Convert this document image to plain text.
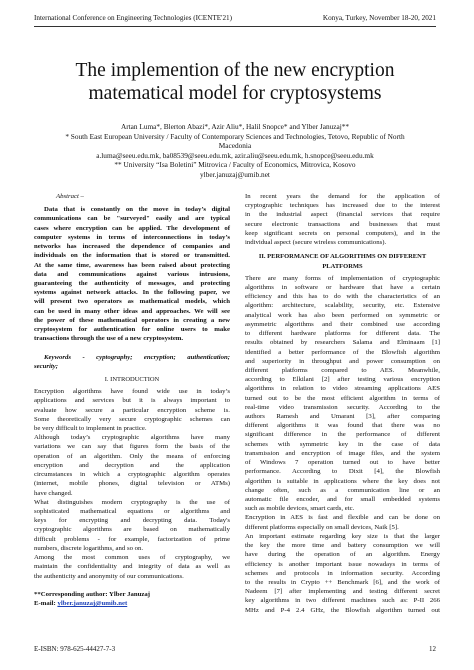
International Conference on Engineering Technologies (ICENTE'21)	Konya, Turkey, November 18-20, 2021
The implemention of the new encryption
matematical model for cryptosystems
Artan Luma*, Blerton Abazi*, Azir Aliu*, Halil Snopce* and Ylber Januzaj**
* South East European University / Faculty of Contemporary Sciences and Technologies, Tetovo, Republic of North
Macedonia
a.luma@seeu.edu.mk, ba08539@seeu.edu.mk, azir.aliu@seeu.edu.mk, h.snopce@seeu.edu.mk
** University “Isa Boletini” Mitrovica / Faculty of Economics, Mitrovica, Kosovo
ylber.januzaj@umib.net
Abstract –
Data that is constantly on the move in today’s digital
communications can be "surveyed" easily and are typical
cases where encryption can be applied. The development of
computer systems in terms of interconnections in today’s
networks has increased the dependence of companies and
individuals on the information that is stored or transmitted.
At the same time, awareness has been raised about protecting
data and communications against various intrusions,
guaranteeing the authenticity of messages, and protecting
systems against network attacks. In the following paper, we
will present two operators as mathematical models, which
can be used in many other ideas and approaches. We will see
the power of these mathematical operators in creating a new
cryptosystem for authentication for online users to make
transactions through the use of a new cryptosystem.
Keywords - cyptography; encryption; authentication;
security;
I. INTRODUCTION
Encryption algorithms have found wide use in today’s
applications and services but it is always important to
evaluate how secure a particular encryption scheme is.
Some theoretically very secure cryptographic schemes can
be very difficult to implement in practice.
Although today’s cryptographic algorithms have many
variations we can say that figures form the basis of the
operation of an algorithm. Only the means of enforcing
encryption and decryption and the application
circumstances in which a cryptographic algorithm operates
(internet, mobile phones, digital television or ATMs)
have changed.
What distinguishes modern cryptography is the use of
sophisticated mathematical equations or algorithms and
keys for encrypting and decrypting data. Today's
cryptographic algorithms are based on mathematically
difficult problems - for example, factorization of prime
numbers, discrete logarithms, and so on.
Among the most common uses of cryptography, we
maintain the confidentiality and integrity of data as well as
the authenticity and anonymity of our communications.
**Corresponding author: Ylber Januzaj
E-mail: ylber.januzaj@umib.net
In recent years the demand for the application of
cryptographic techniques has increased due to the interest
in the industrial aspect (financial services that require
secure electronic transactions and businesses that must
keep significant secrets on personal computers), and in the
individual aspect (secure wireless communications).
II. PERFORMANCE OF ALGORITHMS ON DIFFERENT
PLATFORMS
There are many forms of implementation of cryptographic
algorithms in software or hardware that have a certain
efficiency and this has to do with the characteristics of an
algorithm: architecture, scalability, security, etc. Extensive
analytical work has also been performed on symmetric or
asymmetric algorithms and their combined use according
to different hardware platforms for different data. The
results obtained by researchers Salama and Elminaam [1]
identified a better performance of the Blowfish algorithm
and superiority in throughput and power consumption on
different platforms compared to AES. Meanwhile,
according to Elkilani [2] after testing various encryption
algorithms in relation to video streaming applications AES
turned out to be the most efficient algorithm in terms of
real-time video transmission security. According to the
authors Ramesh and Umarani [3], after comparing
different algorithms it was found that there was no
significant difference in the performance of different
schemes with symmetric key in the case of data
transmission and encryption of image files, and the system
of Windows 7 operation turned out to have better
performance. According to Dixit [4], the Blowfish
algorithm is suitable in applications where the key does not
change often, such as a communication line or an
automatic file encoder, and for small embedded systems
such as mobile devices, smart cards, etc.
Encryption in AES is fast and flexible and can be done on
different platforms especially on small devices, Naik [5].
An important estimate regarding key size is that the larger
the key the more time and battery consumption we will
have during the operation of an algorithm. Energy
efficiency is another important issue nowadays in terms of
schemes and protocols in information security. According
to the results in Crypto ++ Benchmark [6], and the work of
Nadeem [7] after implementing and testing different secret
key algorithms in two different machines such as: P-II 266
MHz and P-4 2.4 GHz, the Blowfish algorithm turned out
E-ISBN: 978-625-44427-7-3	12
